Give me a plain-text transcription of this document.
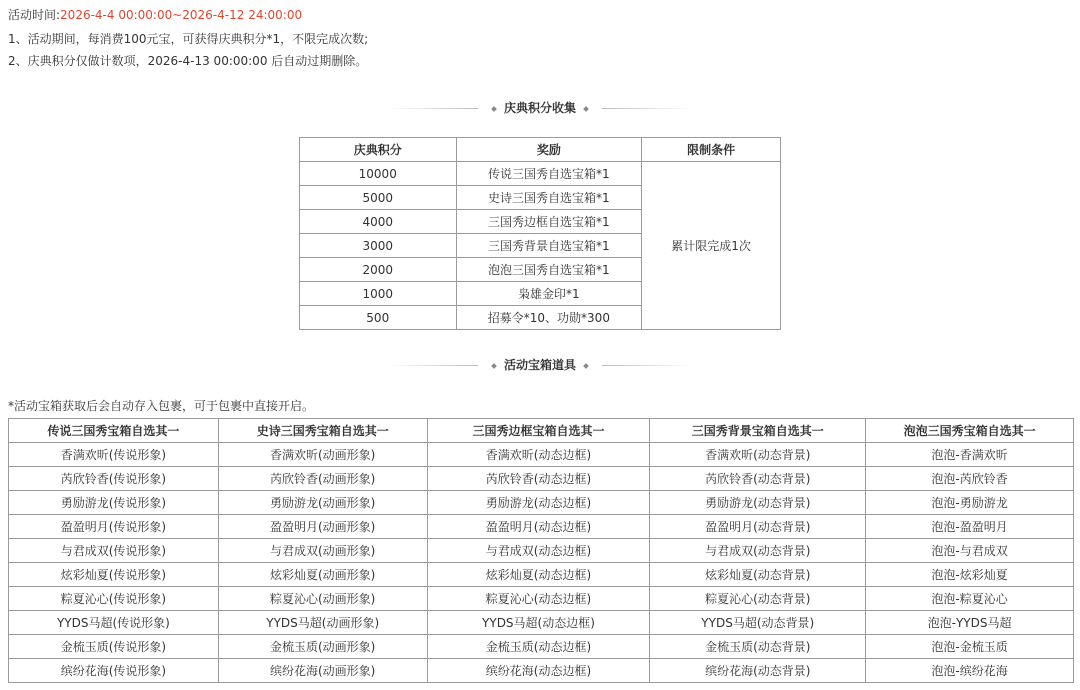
活动时间:2026-4-4 00:00:00~2026-4-12 24:00:00
1、活动期间，每消费100元宝，可获得庆典积分*1，不限完成次数;
2、庆典积分仅做计数项，2026-4-13 00:00:00 后自动过期删除。
庆典积分收集
庆典积分	奖励	限制条件
10000	传说三国秀自选宝箱*1	累计限完成1次
5000	史诗三国秀自选宝箱*1	
4000	三国秀边框自选宝箱*1	
3000	三国秀背景自选宝箱*1	
2000	泡泡三国秀自选宝箱*1	
1000	枭雄金印*1	
500	招募令*10、功勋*300	
活动宝箱道具
*活动宝箱获取后会自动存入包裹，可于包裹中直接开启。
传说三国秀宝箱自选其一	史诗三国秀宝箱自选其一	三国秀边框宝箱自选其一	三国秀背景宝箱自选其一	泡泡三国秀宝箱自选其一
香满欢昕(传说形象)	香满欢昕(动画形象)	香满欢昕(动态边框)	香满欢昕(动态背景)	泡泡-香满欢昕
芮欣铃香(传说形象)	芮欣铃香(动画形象)	芮欣铃香(动态边框)	芮欣铃香(动态背景)	泡泡-芮欣铃香
勇励游龙(传说形象)	勇励游龙(动画形象)	勇励游龙(动态边框)	勇励游龙(动态背景)	泡泡-勇励游龙
盈盈明月(传说形象)	盈盈明月(动画形象)	盈盈明月(动态边框)	盈盈明月(动态背景)	泡泡-盈盈明月
与君成双(传说形象)	与君成双(动画形象)	与君成双(动态边框)	与君成双(动态背景)	泡泡-与君成双
炫彩灿夏(传说形象)	炫彩灿夏(动画形象)	炫彩灿夏(动态边框)	炫彩灿夏(动态背景)	泡泡-炫彩灿夏
粽夏沁心(传说形象)	粽夏沁心(动画形象)	粽夏沁心(动态边框)	粽夏沁心(动态背景)	泡泡-粽夏沁心
YYDS马超(传说形象)	YYDS马超(动画形象)	YYDS马超(动态边框)	YYDS马超(动态背景)	泡泡-YYDS马超
金梳玉质(传说形象)	金梳玉质(动画形象)	金梳玉质(动态边框)	金梳玉质(动态背景)	泡泡-金梳玉质
缤纷花海(传说形象)	缤纷花海(动画形象)	缤纷花海(动态边框)	缤纷花海(动态背景)	泡泡-缤纷花海
